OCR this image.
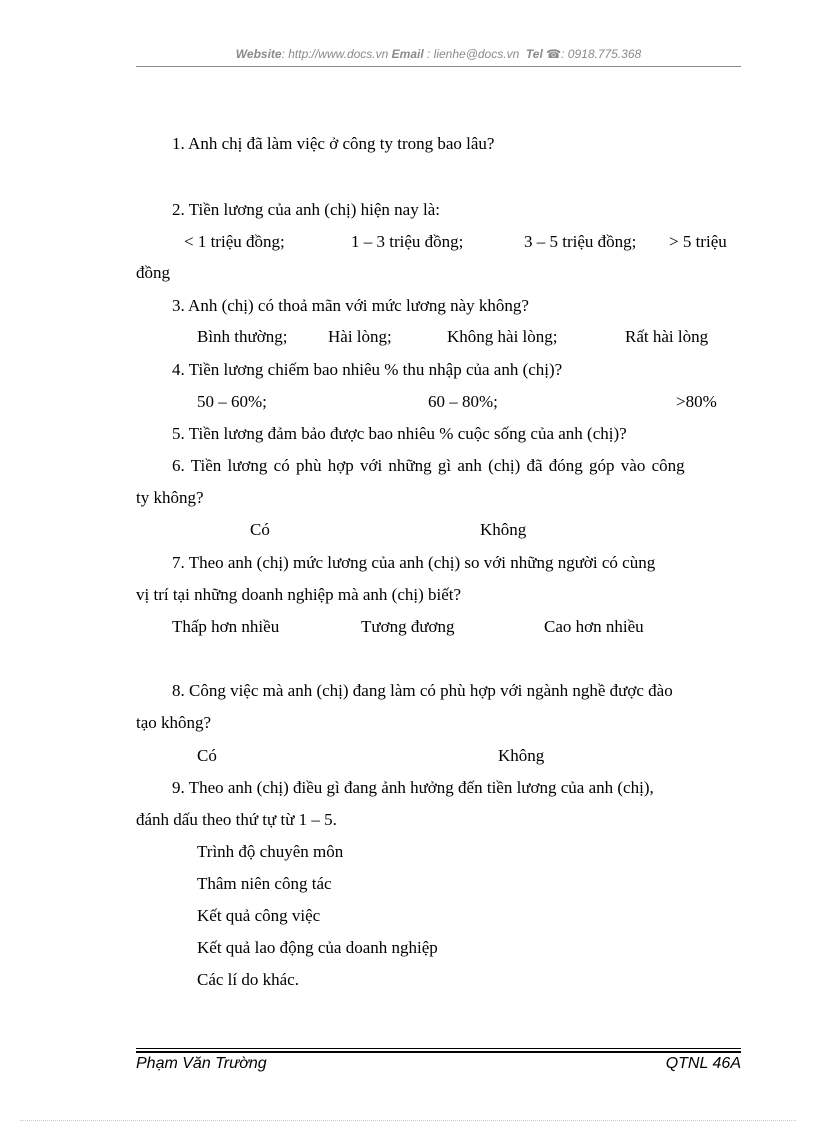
Website: http://www.docs.vn Email : lienhe@docs.vn Tel ☎: 0918.775.368
1. Anh chị đã làm việc ở công ty trong bao lâu?
2. Tiền lương của anh (chị) hiện nay là:
< 1 triệu đồng;	1 – 3 triệu đồng;	3 – 5 triệu đồng; > 5 triệu
đồng
3. Anh (chị) có thoả mãn với mức lương này không?
Bình thường; Hài lòng;	Không hài lòng;	Rất hài lòng
4. Tiền lương chiếm bao nhiêu % thu nhập của anh (chị)?
50 – 60%;	60 – 80%;	>80%
5. Tiền lương đảm bảo được bao nhiêu % cuộc sống của anh (chị)?
6. Tiền lương có phù hợp với những gì anh (chị) đã đóng góp vào công
ty không?
Có	Không
7. Theo anh (chị) mức lương của anh (chị) so với những người có cùng
vị trí tại những doanh nghiệp mà anh (chị) biết?
Thấp hơn nhiều	Tương đương	Cao hơn nhiều
8. Công việc mà anh (chị) đang làm có phù hợp với ngành nghề được đào
tạo không?
Có	Không
9. Theo anh (chị) điều gì đang ảnh hưởng đến tiền lương của anh (chị),
đánh dấu theo thứ tự từ 1 – 5.
Trình độ chuyên môn
Thâm niên công tác
Kết quả công việc
Kết quả lao động của doanh nghiệp
Các lí do khác.
Phạm Văn Trường	QTNL 46A
